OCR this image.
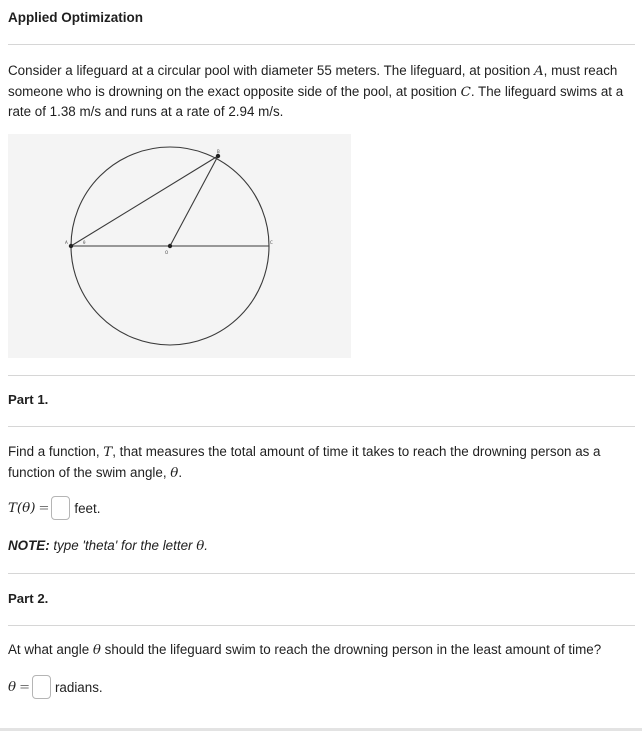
Applied Optimization
Consider a lifeguard at a circular pool with diameter 55 meters. The lifeguard, at position A, must reach someone who is drowning on the exact opposite side of the pool, at position C. The lifeguard swims at a rate of 1.38 m/s and runs at a rate of 2.94 m/s.
A	θ
B
C
O
Part 1.
Find a function, T, that measures the total amount of time it takes to reach the drowning person as a function of the swim angle, θ.
T(θ) = feet.
NOTE: type 'theta' for the letter θ.
Part 2.
At what angle θ should the lifeguard swim to reach the drowning person in the least amount of time?
θ = radians.
